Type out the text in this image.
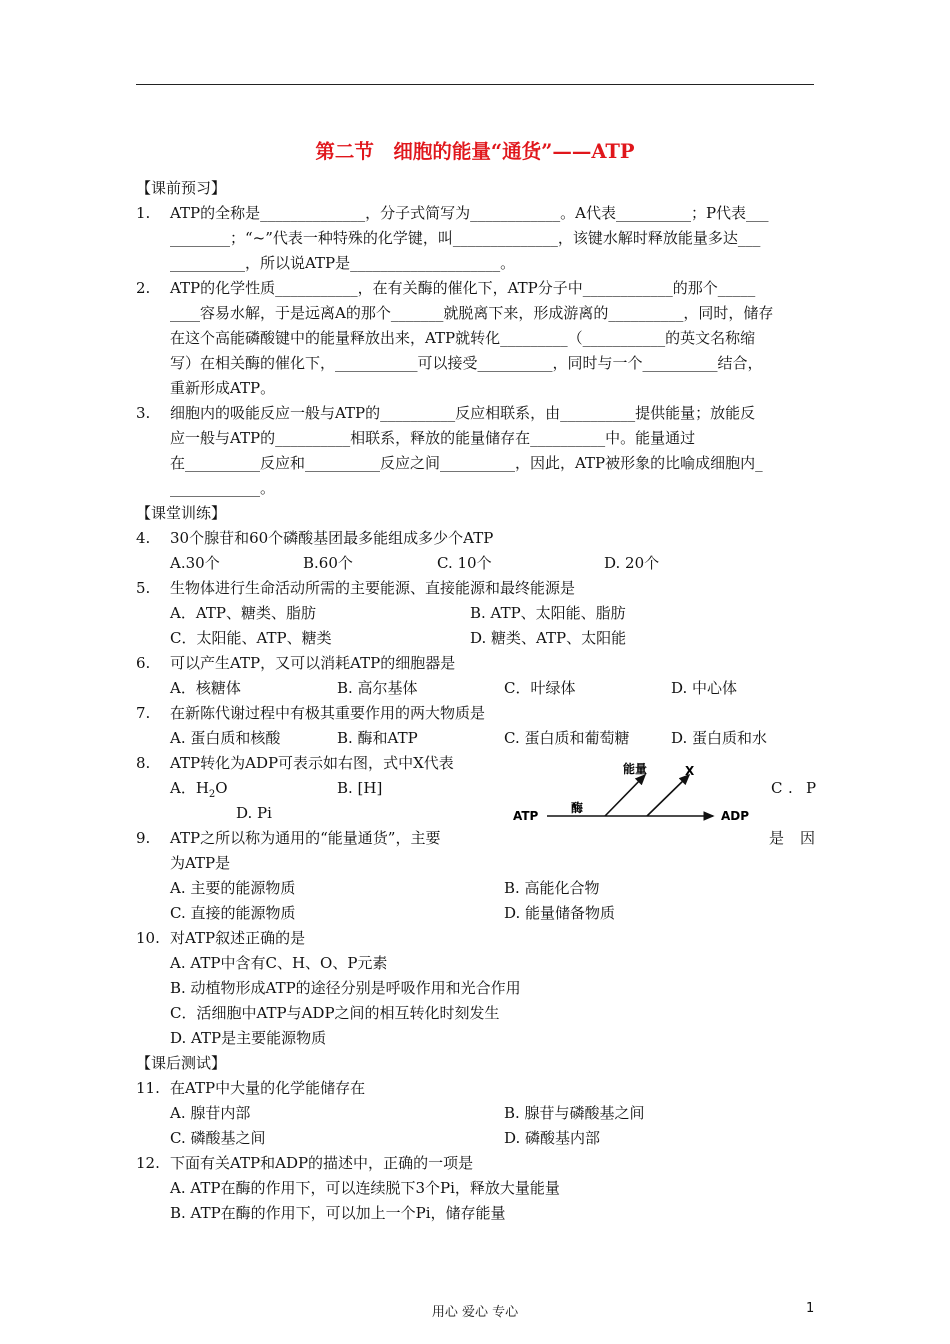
第二节　细胞的能量“通货”——ATP
【课前预习】
1. ATP的全称是______________，分子式简写为____________。A代表__________；P代表___
________；“~”代表一种特殊的化学键，叫______________，该键水解时释放能量多达___
__________，所以说ATP是____________________。
2. ATP的化学性质___________，在有关酶的催化下，ATP分子中____________的那个_____
____容易水解，于是远离A的那个_______就脱离下来，形成游离的__________，同时，储存
在这个高能磷酸键中的能量释放出来，ATP就转化_________（___________的英文名称缩
写）在相关酶的催化下，___________可以接受__________，同时与一个__________结合，
重新形成ATP。
3. 细胞内的吸能反应一般与ATP的__________反应相联系，由__________提供能量；放能反
应一般与ATP的__________相联系，释放的能量储存在__________中。能量通过
在__________反应和__________反应之间__________，因此，ATP被形象的比喻成细胞内_
____________。
【课堂训练】
4. 30个腺苷和60个磷酸基团最多能组成多少个ATP
A.30个	B.60个	C. 10个	D. 20个
5. 生物体进行生命活动所需的主要能源、直接能源和最终能源是
A．ATP、糖类、脂肪	B. ATP、太阳能、脂肪
C．太阳能、ATP、糖类	D. 糖类、ATP、太阳能
6. 可以产生ATP，又可以消耗ATP的细胞器是
A．核糖体	B. 高尔基体	C．叶绿体	D. 中心体
7. 在新陈代谢过程中有极其重要作用的两大物质是
A. 蛋白质和核酸	B. 酶和ATP	C. 蛋白质和葡萄糖	D. 蛋白质和水
8. ATP转化为ADP可表示如右图，式中X代表
A．$H_2O$	B. [H]	C . P
D. Pi	ATP	ADP
能量	X
酶
9. ATP之所以称为通用的“能量通货”，主要	是 因
为ATP是
A. 主要的能源物质	B. 高能化合物
C. 直接的能源物质	D. 能量储备物质
10. 对ATP叙述正确的是
A. ATP中含有C、H、O、P元素
B. 动植物形成ATP的途径分别是呼吸作用和光合作用
C．活细胞中ATP与ADP之间的相互转化时刻发生
D. ATP是主要能源物质
【课后测试】
11. 在ATP中大量的化学能储存在
A. 腺苷内部	B. 腺苷与磷酸基之间
C. 磷酸基之间	D. 磷酸基内部
12. 下面有关ATP和ADP的描述中，正确的一项是
A. ATP在酶的作用下，可以连续脱下3个Pi，释放大量能量
B. ATP在酶的作用下，可以加上一个Pi，储存能量
用心 爱心 专心	1
